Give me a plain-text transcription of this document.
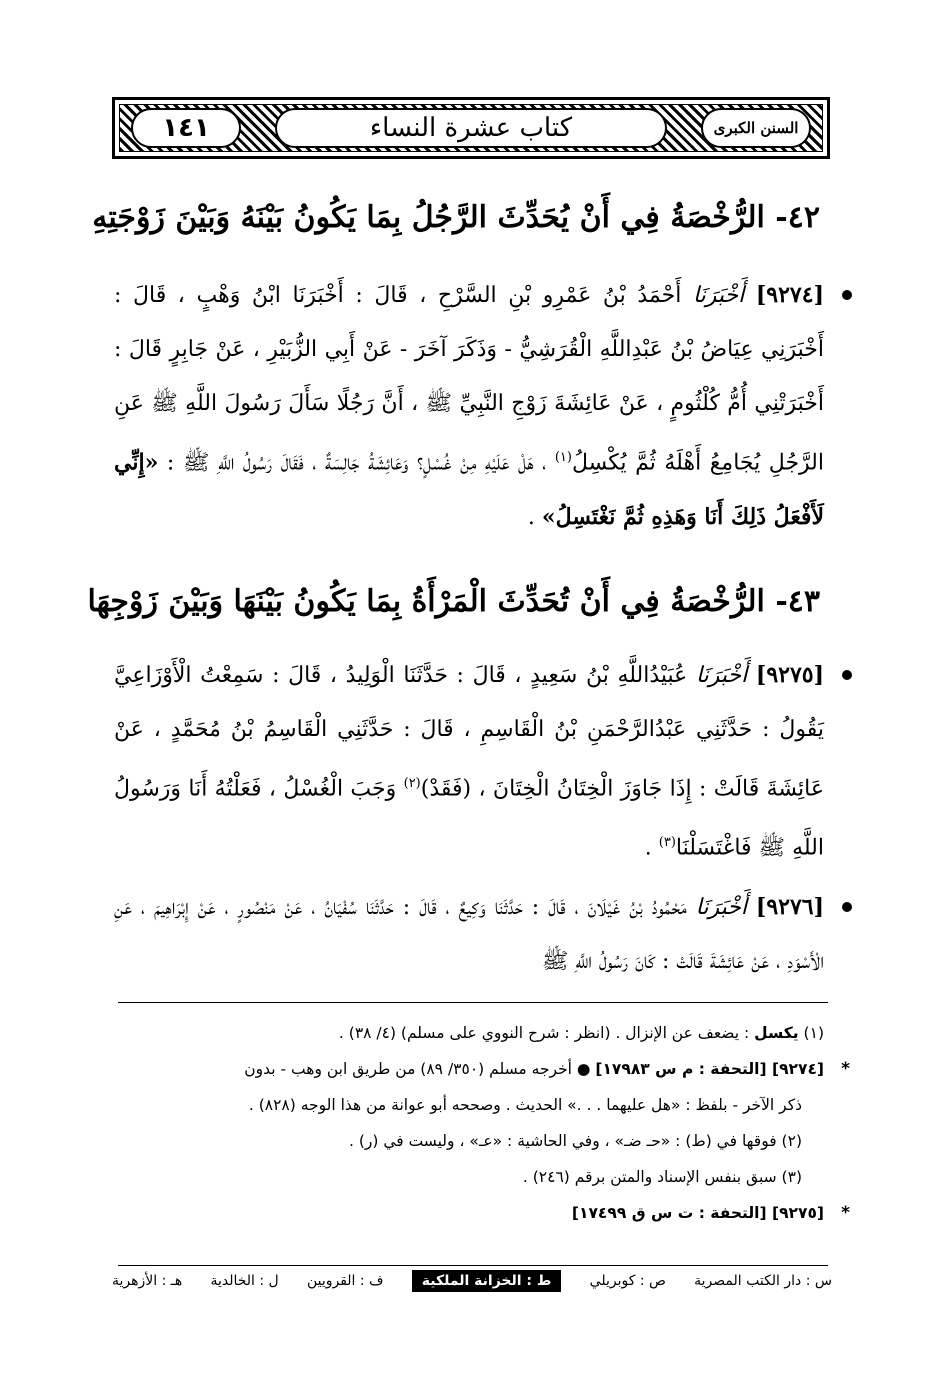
السنن الكبرى
كتاب عشرة النساء
١٤١
٤٢- الرُّخْصَةُ فِي أَنْ يُحَدِّثَ الرَّجُلُ بِمَا يَكُونُ بَيْنَهُ وَبَيْنَ زَوْجَتِهِ
[٩٢٧٤] أَخْبَرَنَا أَحْمَدُ بْنُ عَمْرِو بْنِ السَّرْحِ ، قَالَ : أَخْبَرَنَا ابْنُ وَهْبٍ ، قَالَ : أَخْبَرَنِي عِيَاضُ بْنُ عَبْدِاللَّهِ الْقُرَشِيُّ - وَذَكَرَ آخَرَ - عَنْ أَبِي الزُّبَيْرِ ، عَنْ جَابِرٍ قَالَ : أَخْبَرَتْنِي أُمُّ كُلْثُومٍ ، عَنْ عَائِشَةَ زَوْجِ النَّبِيِّ ﷺ ، أَنَّ رَجُلًا سَأَلَ رَسُولَ اللَّهِ ﷺ عَنِ الرَّجُلِ يُجَامِعُ أَهْلَهُ ثُمَّ يُكْسِلُ$^{(١)}$ ، هَلْ عَلَيْهِ مِنْ غُسْلٍ؟ وَعَائِشَةُ جَالِسَةٌ ، فَقَالَ رَسُولُ اللَّهِ ﷺ : «إِنِّي لَأَفْعَلُ ذَلِكَ أَنَا وَهَذِهِ ثُمَّ نَغْتَسِلُ» .
٤٣- الرُّخْصَةُ فِي أَنْ تُحَدِّثَ الْمَرْأَةُ بِمَا يَكُونُ بَيْنَهَا وَبَيْنَ زَوْجِهَا
[٩٢٧٥] أَخْبَرَنَا عُبَيْدُاللَّهِ بْنُ سَعِيدٍ ، قَالَ : حَدَّثَنَا الْوَلِيدُ ، قَالَ : سَمِعْتُ الْأَوْزَاعِيَّ يَقُولُ : حَدَّثَنِي عَبْدُالرَّحْمَنِ بْنُ الْقَاسِمِ ، قَالَ : حَدَّثَنِي الْقَاسِمُ بْنُ مُحَمَّدٍ ، عَنْ عَائِشَةَ قَالَتْ : إِذَا جَاوَزَ الْخِتَانُ الْخِتَانَ ، (فَقَدْ)$^{(٢)}$ وَجَبَ الْغُسْلُ ، فَعَلْتُهُ أَنَا وَرَسُولُ اللَّهِ ﷺ فَاغْتَسَلْنَا$^{(٣)}$ .
[٩٢٧٦] أَخْبَرَنَا مَحْمُودُ بْنُ غَيْلَانَ ، قَالَ : حَدَّثَنَا وَكِيعٌ ، قَالَ : حَدَّثَنَا سُفْيَانُ ، عَنْ مَنْصُورٍ ، عَنْ إِبْرَاهِيمَ ، عَنِ الْأَسْوَدِ ، عَنْ عَائِشَةَ قَالَتْ : كَانَ رَسُولُ اللَّهِ ﷺ
(١) يكسل : يضعف عن الإنزال . (انظر : شرح النووي على مسلم) (٤/ ٣٨) .
*
[٩٢٧٤] [التحفة : م س ١٧٩٨٣] ● أخرجه مسلم (٣٥٠/ ٨٩) من طريق ابن وهب - بدون
ذكر الآخر - بلفظ : «هل عليهما . . .» الحديث . وصححه أبو عوانة من هذا الوجه (٨٢٨) .
(٢) فوقها في (ط) : «حـ ضـ» ، وفي الحاشية : «عـ» ، وليست في (ر) .
(٣) سبق بنفس الإسناد والمتن برقم (٢٤٦) .
*
[٩٢٧٥] [التحفة : ت س ق ١٧٤٩٩]
س : دار الكتب المصرية
ص : كوبريلي
ط : الخزانة الملكية
ف : القرويين
ل : الخالدية
هـ : الأزهرية
